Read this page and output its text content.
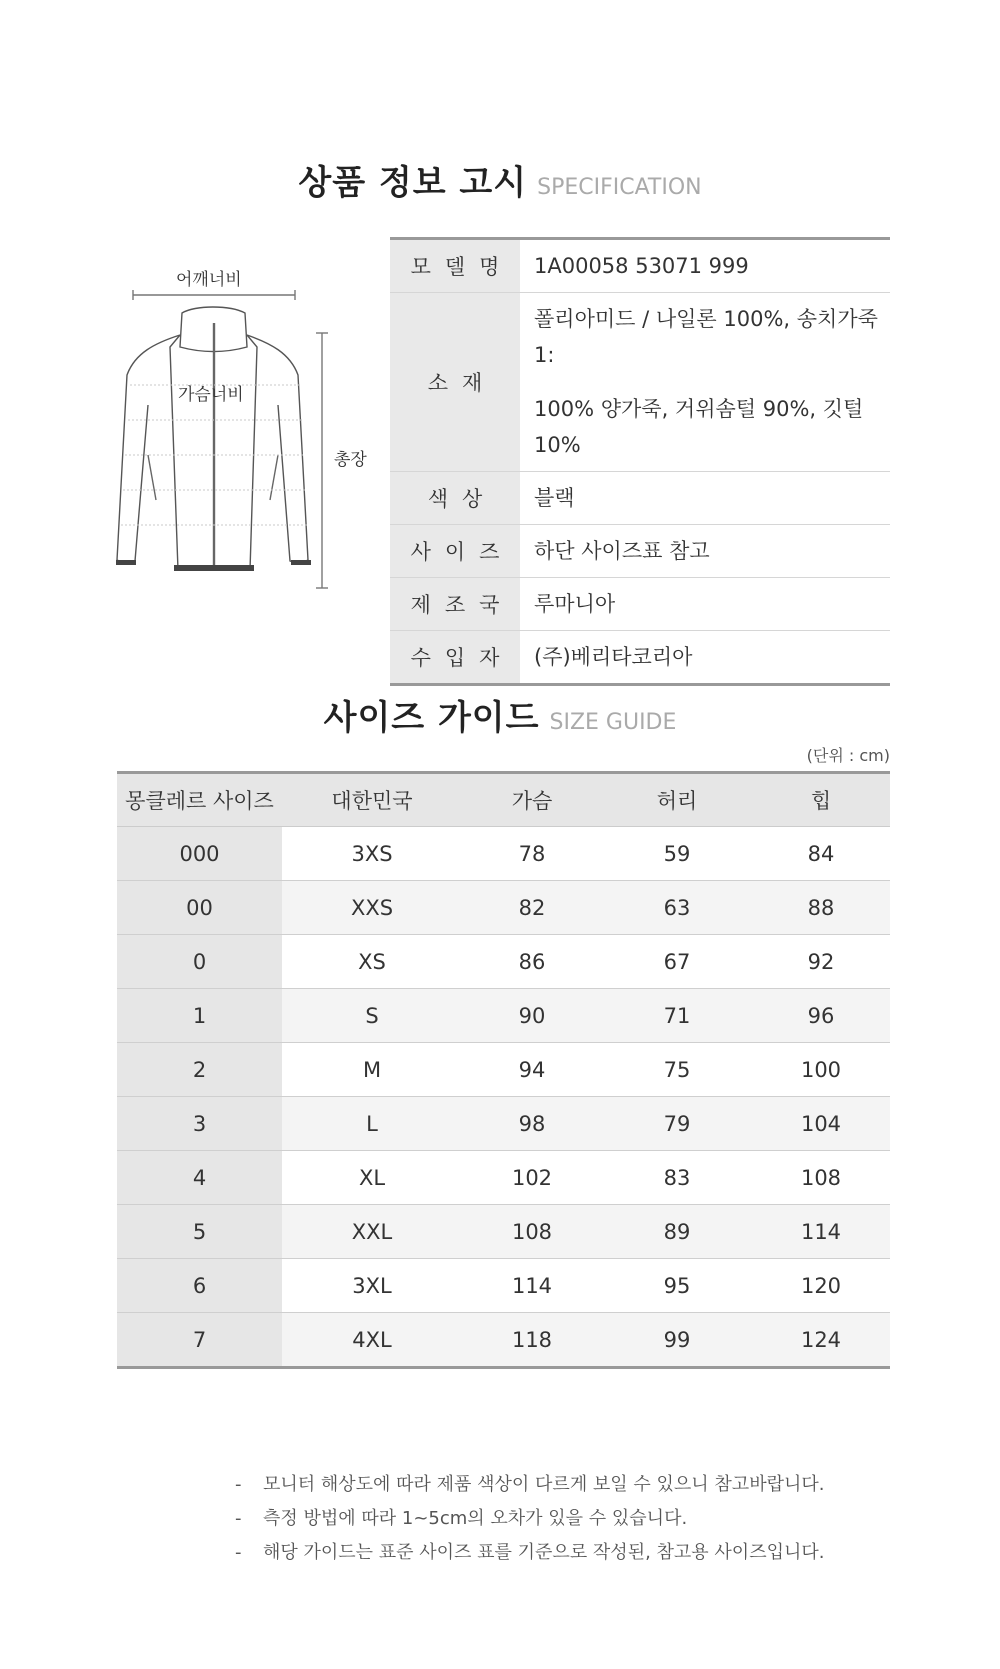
상품 정보 고시 SPECIFICATION
어깨너비
가슴너비
총장
모델명 1A00058 53071 999

소재

폴리아미드 / 나일론 100%, 송치가죽 1:

100% 양가죽, 거위솜털 90%, 깃털 10%

색상	블랙

사이즈 하단 사이즈표 참고

제조국 루마니아

수입자 (주)베리타코리아

사이즈 가이드 SIZE GUIDE
(단위 : cm)
몽클레르 사이즈	대한민국	가슴	허리	힙
000	3XS	78	59	84
00	XXS	82	63	88
0	XS	86	67	92
1	S	90	71	96
2	M	94	75	100
3	L	98	79	104
4	XL	102	83	108
5	XXL	108	89	114
6	3XL	114	95	120
7	4XL	118	99	124
- 모니터 해상도에 따라 제품 색상이 다르게 보일 수 있으니 참고바랍니다.
- 측정 방법에 따라 1~5cm의 오차가 있을 수 있습니다.
- 해당 가이드는 표준 사이즈 표를 기준으로 작성된, 참고용 사이즈입니다.
